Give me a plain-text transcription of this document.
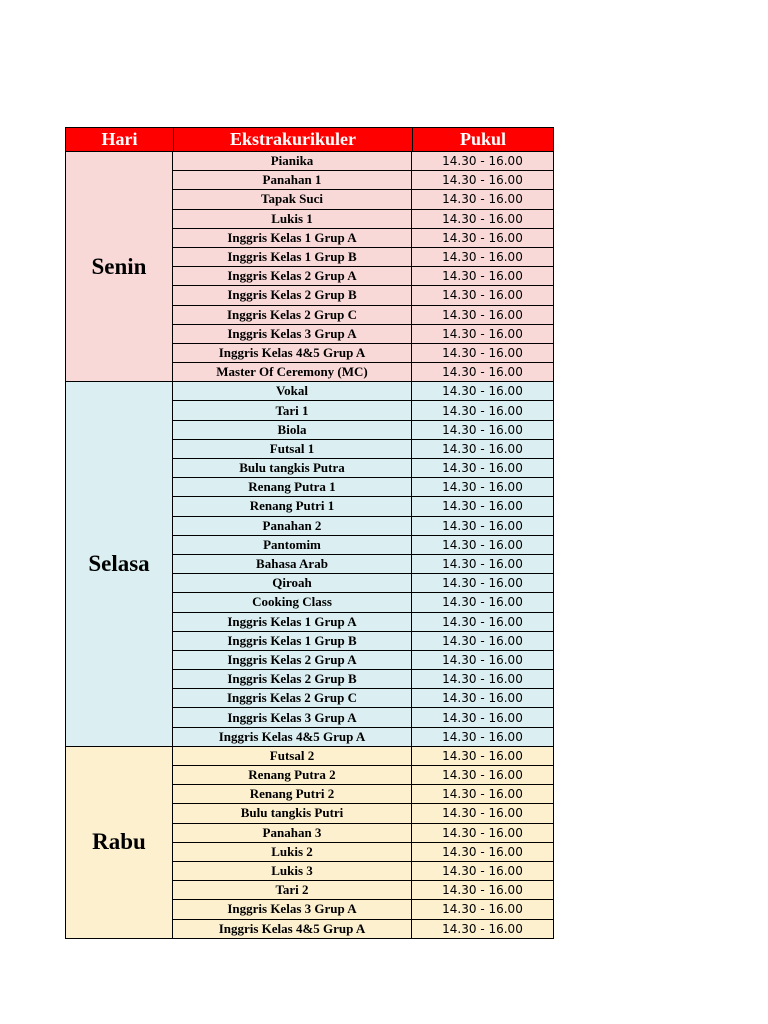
Hari	Ekstrakurikuler	Pukul
Senin
Pianika	14.30 - 16.00
Panahan 1	14.30 - 16.00
Tapak Suci	14.30 - 16.00
Lukis 1	14.30 - 16.00
Inggris Kelas 1 Grup A	14.30 - 16.00
Inggris Kelas 1 Grup B	14.30 - 16.00
Inggris Kelas 2 Grup A	14.30 - 16.00
Inggris Kelas 2 Grup B	14.30 - 16.00
Inggris Kelas 2 Grup C	14.30 - 16.00
Inggris Kelas 3 Grup A	14.30 - 16.00
Inggris Kelas 4&5 Grup A	14.30 - 16.00
Master Of Ceremony (MC)	14.30 - 16.00
Selasa
Vokal	14.30 - 16.00
Tari 1	14.30 - 16.00
Biola	14.30 - 16.00
Futsal 1	14.30 - 16.00
Bulu tangkis Putra	14.30 - 16.00
Renang Putra 1	14.30 - 16.00
Renang Putri 1	14.30 - 16.00
Panahan 2	14.30 - 16.00
Pantomim	14.30 - 16.00
Bahasa Arab	14.30 - 16.00
Qiroah	14.30 - 16.00
Cooking Class	14.30 - 16.00
Inggris Kelas 1 Grup A	14.30 - 16.00
Inggris Kelas 1 Grup B	14.30 - 16.00
Inggris Kelas 2 Grup A	14.30 - 16.00
Inggris Kelas 2 Grup B	14.30 - 16.00
Inggris Kelas 2 Grup C	14.30 - 16.00
Inggris Kelas 3 Grup A	14.30 - 16.00
Inggris Kelas 4&5 Grup A	14.30 - 16.00
Rabu
Futsal 2	14.30 - 16.00
Renang Putra 2	14.30 - 16.00
Renang Putri 2	14.30 - 16.00
Bulu tangkis Putri	14.30 - 16.00
Panahan 3	14.30 - 16.00
Lukis 2	14.30 - 16.00
Lukis 3	14.30 - 16.00
Tari 2	14.30 - 16.00
Inggris Kelas 3 Grup A	14.30 - 16.00
Inggris Kelas 4&5 Grup A	14.30 - 16.00
